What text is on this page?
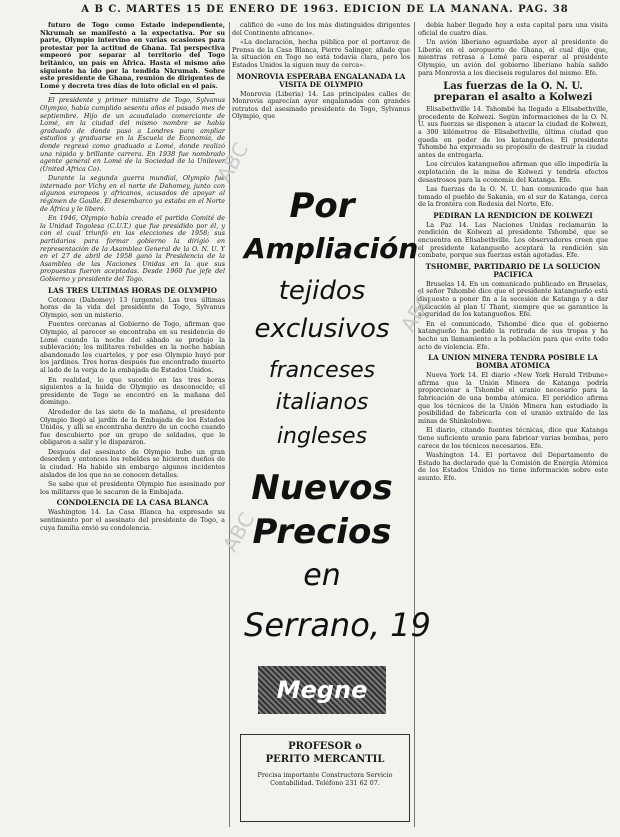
A B C. MARTES 15 DE ENERO DE 1963. EDICION DE LA MAÑANA. PAG. 38

futuro de Togo como Estado independiente, Nkrumah se manifestó a la expectativa. Por su parte, Olympio intervino en varias ocasiones para protestar por la actitud de Ghana. Tal perspectiva empeoró por separar al territorio del Togo británico, un país en África. Hasta el mismo año siguiente ha ido por la tendida Nkrumah. Sobre este presidente de Ghana, reunión de dirigentes de Lomé y decreta tres días de luto oficial en el país.

El presidente y primer ministro de Togo, Sylvanus Olympio, había cumplido sesenta años el pasado mes de septiembre. Hijo de un acaudalado comerciante de Lomé, en la ciudad del mismo nombre se había graduado de donde pasó a Londres para ampliar estudios y graduarse en la Escuela de Economía, de donde regresó como graduado a Lomé, donde realizó una rápida y brillante carrera. En 1938 fue nombrado agente general en Lomé de la Sociedad de la Unilever (United Africa Co).

Durante la segunda guerra mundial, Olympio fue internado por Vichy en el norte de Dahomey, junto con algunos europeos y africanos, acusados de apoyar al régimen de Gaulle. El desembarco ya estaba en el Norte de África y le liberó.

En 1946, Olympio había creado el partido Comité de la Unidad Togolesa (C.U.T.) que fue presidido por él, y con el cual triunfó en las elecciones de 1958; sus partidarios para formar gobierno la dirigió en representación de la Asamblea General de la O. N. U. Y en el 27 de abril de 1958 ganó la Presidencia de la Asamblea de las Naciones Unidas en la que sus propuestas fueron aceptadas. Desde 1960 fue jefe del Gobierno y presidente del Togo.

LAS TRES ULTIMAS HORAS DE OLYMPIO

Cotonou (Dahomey) 13 (urgente). Las tres últimas horas de la vida del presidente de Togo, Sylvanus Olympio, son un misterio.

Fuentes cercanas al Gobierno de Togo, afirman que Olympio, al parecer se encontraba en su residencia de Lomé cuando la noche del sábado se produjo la sublevación; los militares rebeldes en la noche habían abandonado los cuarteles, y por eso Olympio huyó por los jardines. Tres horas después fue encontrado muerto al lado de la verja de la embajada de Estados Unidos.

En realidad, lo que sucedió en las tres horas siguientes a la huida de Olympio es desconocido; el presidente de Togo se encontró en la mañana del domingo.

Alrededor de las siete de la mañana, el presidente Olympio llegó al jardín de la Embajada de los Estados Unidos, y allí se encontraba dentro de un coche cuando fue descubierto por un grupo de soldados, que le obligaron a salir y le dispararon.

Después del asesinato de Olympio hubo un gran desorden y entonces los rebeldes se hicieron dueños de la ciudad. Ha habido sin embargo algunos incidentes aislados de los que no se conocen detalles.

Se sabe que el presidente Olympio fue asesinado por los militares que le sacaron de la Embajada.

CONDOLENCIA DE LA CASA BLANCA

Washington 14. La Casa Blanca ha expresado su sentimiento por el asesinato del presidente de Togo, a cuya familia envió su condolencia.

calificó de «uno de los más distinguidos dirigentes del Continente africano».

«La declaración, hecha pública por el portavoz de Prensa de la Casa Blanca, Pierre Salinger, añade que la situación en Togo no está todavía clara, pero los Estados Unidos la siguen muy de cerca».

MONROVIA ESPERABA ENGALANADA LA VISITA DE OLYMPIO

Monrovia (Liberia) 14. Las principales calles de Monrovia aparecían ayer engalanadas con grandes retratos del asesinado presidente de Togo, Sylvanus Olympio, que

Por
Ampliación
tejidos
exclusivos
franceses
italianos
ingleses
Nuevos
Precios
en
Serrano, 19
Megne
PROFESOR o
PERITO MERCANTIL
Precisa importante Constructora Servicio Contabilidad. Teléfono 231 62 07.

debía haber llegado hoy a esta capital para una visita oficial de cuatro días.

Un avión liberiano aguardaba ayer al presidente de Liberia en el aeropuerto de Ghana, el cual dijo que, mientras retrasa a Lomé para esperar al presidente Olympio, un avión del gobierno liberiano había salido para Monrovia a los dieciseis regulares del mismo. Efe.

Las fuerzas de la O. N. U. preparan el asalto a Kolwezi

Elisabethville 14. Tshombé ha llegado a Elisabethville, procedente de Kolwezi. Según informaciones de la O. N. U. sus fuerzas se disponen a atacar la ciudad de Kolwezi, a 300 kilómetros de Elisabethville, última ciudad que queda en poder de los katangueños. El presidente Tshombé ha expresado su propósito de destruir la ciudad antes de entregarla.

Los círculos katangueños afirman que ello impediría la explotación de la mina de Kolwezi y tendría efectos desastrosos para la economía del Katanga. Efe.

Las fuerzas de la O. N. U. han comunicado que han tomado el pueblo de Sakania, en el sur de Katanga, cerca de la frontera con Rodesia del Norte. Efe.

PEDIRAN LA RENDICION DE KOLWEZI

La Paz 14. Las Naciones Unidas reclamarán la rendición de Kolwezi al presidente Tshombé, que se encuentra en Elisabethville. Los observadores creen que el presidente katangueño aceptará la rendición sin combate, porque sus fuerzas están agotadas. Efe.

TSHOMBE, PARTIDARIO DE LA SOLUCION PACIFICA

Bruselas 14. En un comunicado publicado en Bruselas, el señor Tshombé dice que el presidente katangueño está dispuesto a poner fin a la secesión de Katanga y a dar aplicación al plan U Thant, siempre que se garantice la seguridad de los katangueños. Efe.

En el comunicado, Tshombé dice que el gobierno katangueño ha pedido la retirada de sus tropas y ha hecho un llamamiento a la población para que evite todo acto de violencia. Efe.

LA UNION MINERA TENDRA POSIBLE LA BOMBA ATOMICA

Nueva York 14. El diario «New York Herald Tribune» afirma que la Unión Minera de Katanga podría proporcionar a Tshombé el uranio necesario para la fabricación de una bomba atómica. El periódico afirma que los técnicos de la Unión Minera han estudiado la posibilidad de fabricarla con el uranio extraído de las minas de Shinkolobwe.

El diario, citando fuentes técnicas, dice que Katanga tiene suficiente uranio para fabricar varias bombas, pero carece de los técnicos necesarios. Efe.

Washington 14. El portavoz del Departamento de Estado ha declarado que la Comisión de Energía Atómica de los Estados Unidos no tiene información sobre este asunto. Efe.

ABC
ABC
ABC
